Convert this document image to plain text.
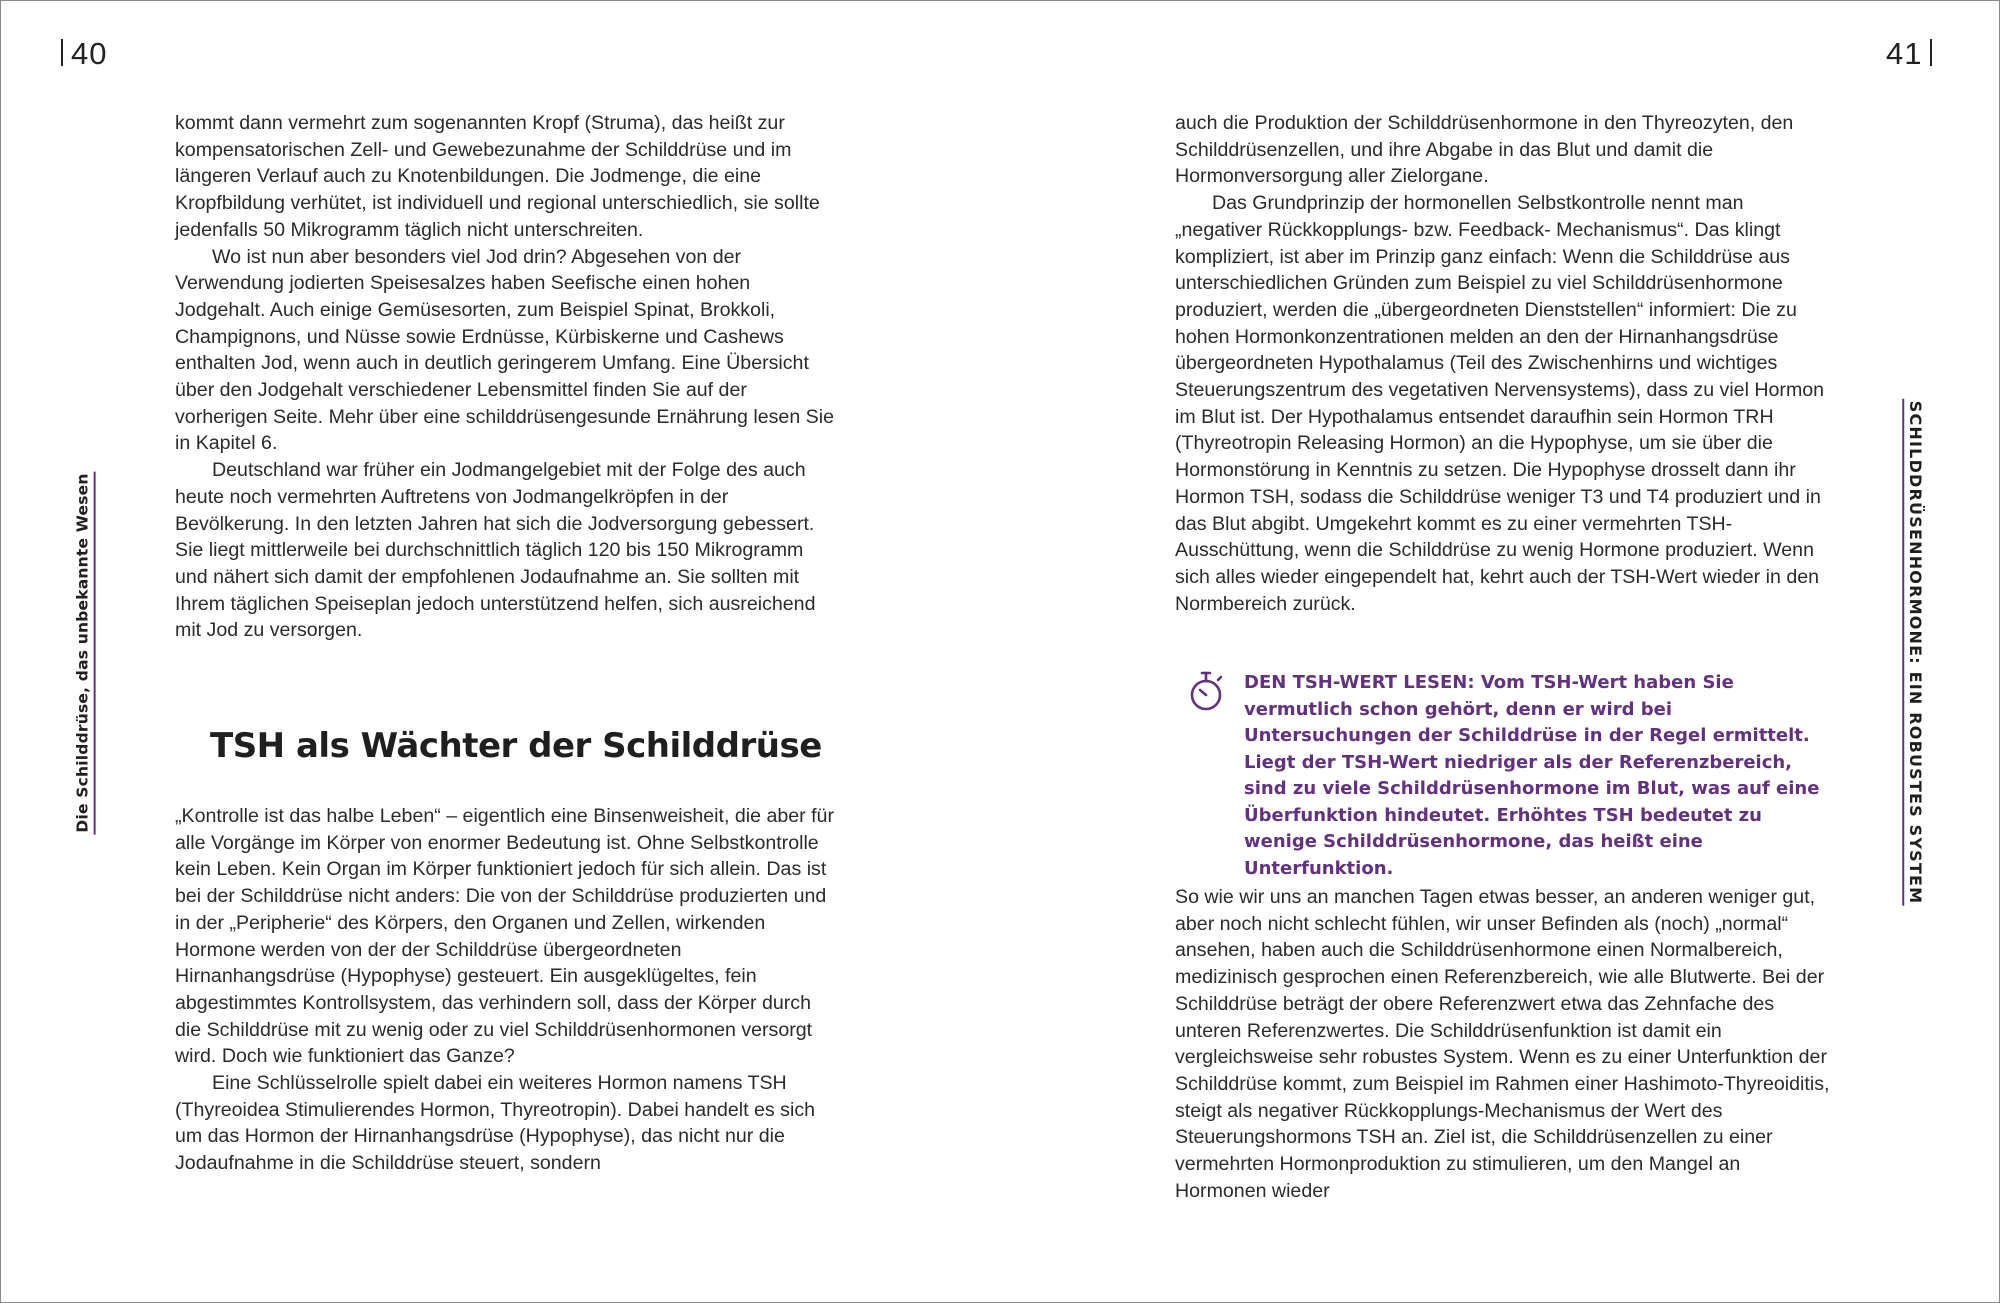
40
Die Schilddrüse, das unbekannte Wesen

kommt dann vermehrt zum sogenannten Kropf (Struma), das heißt zur kompensatorischen Zell- und Gewebezunahme der Schilddrüse und im längeren Verlauf auch zu Knotenbildungen. Die Jodmenge, die eine Kropfbildung verhütet, ist individuell und regional unterschiedlich, sie sollte jedenfalls 50 Mikrogramm täglich nicht unterschreiten.

Wo ist nun aber besonders viel Jod drin? Abgesehen von der Verwendung jodierten Speisesalzes haben Seefische einen hohen Jodgehalt. Auch einige Gemüsesorten, zum Beispiel Spinat, Brokkoli, Champignons, und Nüsse sowie Erdnüsse, Kürbiskerne und Cashews enthalten Jod, wenn auch in deutlich geringerem Umfang. Eine Übersicht über den Jodgehalt verschiedener Lebensmittel finden Sie auf der vorherigen Seite. Mehr über eine schilddrüsengesunde Ernährung lesen Sie in Kapitel 6.

Deutschland war früher ein Jodmangelgebiet mit der Folge des auch heute noch vermehrten Auftretens von Jodmangelkröpfen in der Bevölkerung. In den letzten Jahren hat sich die Jodversorgung gebessert. Sie liegt mittlerweile bei durchschnittlich täglich 120 bis 150 Mikrogramm und nähert sich damit der empfohlenen Jodaufnahme an. Sie sollten mit Ihrem täglichen Speiseplan jedoch unterstützend helfen, sich ausreichend mit Jod zu versorgen.

TSH als Wächter der Schilddrüse

„Kontrolle ist das halbe Leben“ – eigentlich eine Binsenweisheit, die aber für alle Vorgänge im Körper von enormer Bedeutung ist. Ohne Selbstkontrolle kein Leben. Kein Organ im Körper funktioniert jedoch für sich allein. Das ist bei der Schilddrüse nicht anders: Die von der Schilddrüse produzierten und in der „Peripherie“ des Körpers, den Organen und Zellen, wirkenden Hormone werden von der der Schilddrüse übergeordneten Hirnanhangsdrüse (Hypophyse) gesteuert. Ein ausgeklügeltes, fein abgestimmtes Kontrollsystem, das verhindern soll, dass der Körper durch die Schilddrüse mit zu wenig oder zu viel Schilddrüsenhormonen versorgt wird. Doch wie funktioniert das Ganze?

Eine Schlüsselrolle spielt dabei ein weiteres Hormon namens TSH (Thyreoidea Stimulierendes Hormon, Thyreotropin). Dabei handelt es sich um das Hormon der Hirnanhangsdrüse (Hypophyse), das nicht nur die Jodaufnahme in die Schilddrüse steuert, sondern

41
SCHILDDRÜSENHORMONE: EIN ROBUSTES SYSTEM

auch die Produktion der Schilddrüsenhormone in den Thyreozyten, den Schilddrüsenzellen, und ihre Abgabe in das Blut und damit die Hormonversorgung aller Zielorgane.

Das Grundprinzip der hormonellen Selbstkontrolle nennt man „negativer Rückkopplungs- bzw. Feedback- Mechanismus“. Das klingt kompliziert, ist aber im Prinzip ganz einfach: Wenn die Schilddrüse aus unterschiedlichen Gründen zum Beispiel zu viel Schilddrüsenhormone produziert, werden die „übergeordneten Dienststellen“ informiert: Die zu hohen Hormonkonzentrationen melden an den der Hirnanhangsdrüse übergeordneten Hypothalamus (Teil des Zwischenhirns und wichtiges Steuerungszentrum des vegetativen Nervensystems), dass zu viel Hormon im Blut ist. Der Hypothalamus entsendet daraufhin sein Hormon TRH (Thyreotropin Releasing Hormon) an die Hypophyse, um sie über die Hormonstörung in Kenntnis zu setzen. Die Hypophyse drosselt dann ihr Hormon TSH, sodass die Schilddrüse weniger T3 und T4 produziert und in das Blut abgibt. Umgekehrt kommt es zu einer vermehrten TSH-Ausschüttung, wenn die Schilddrüse zu wenig Hormone produziert. Wenn sich alles wieder eingependelt hat, kehrt auch der TSH-Wert wieder in den Normbereich zurück.

DEN TSH-WERT LESEN: Vom TSH-Wert haben Sie vermutlich schon gehört, denn er wird bei Untersuchungen der Schilddrüse in der Regel ermittelt. Liegt der TSH-Wert niedriger als der Referenzbereich, sind zu viele Schilddrüsenhormone im Blut, was auf eine Überfunktion hindeutet. Erhöhtes TSH bedeutet zu wenige Schilddrüsenhormone, das heißt eine Unterfunktion.

So wie wir uns an manchen Tagen etwas besser, an anderen weniger gut, aber noch nicht schlecht fühlen, wir unser Befinden als (noch) „normal“ ansehen, haben auch die Schilddrüsenhormone einen Normalbereich, medizinisch gesprochen einen Referenzbereich, wie alle Blutwerte. Bei der Schilddrüse beträgt der obere Referenzwert etwa das Zehnfache des unteren Referenzwertes. Die Schilddrüsenfunktion ist damit ein vergleichsweise sehr robustes System. Wenn es zu einer Unterfunktion der Schilddrüse kommt, zum Beispiel im Rahmen einer Hashimoto-Thyreoiditis, steigt als negativer Rückkopplungs-Mechanismus der Wert des Steuerungshormons TSH an. Ziel ist, die Schilddrüsenzellen zu einer vermehrten Hormonproduktion zu stimulieren, um den Mangel an Hormonen wieder
